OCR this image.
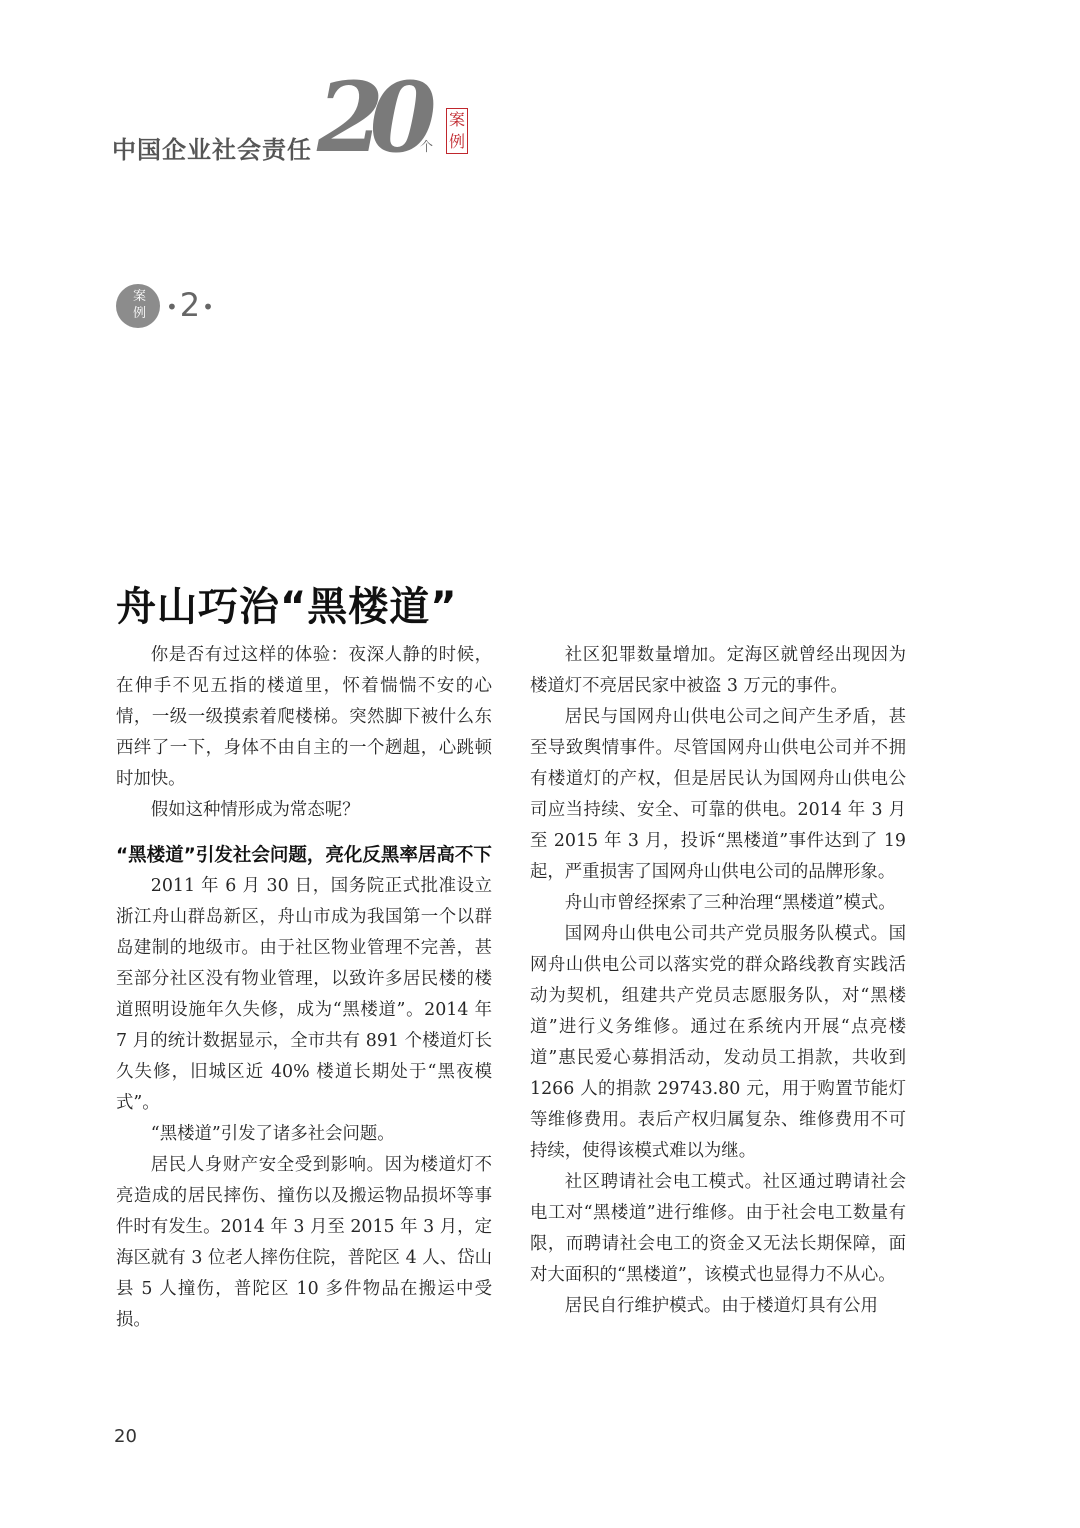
中国企业社会责任 20
个
案
例
案
例 •2•
舟山巧治“黑楼道”

你是否有过这样的体验：夜深人静的时候，在伸手不见五指的楼道里，怀着惴惴不安的心情，一级一级摸索着爬楼梯。突然脚下被什么东西绊了一下，身体不由自主的一个趔趄，心跳顿时加快。

假如这种情形成为常态呢？

“黑楼道”引发社会问题，亮化反黑率居高不下

2011 年 6 月 30 日，国务院正式批准设立浙江舟山群岛新区，舟山市成为我国第一个以群岛建制的地级市。由于社区物业管理不完善，甚至部分社区没有物业管理，以致许多居民楼的楼道照明设施年久失修，成为“黑楼道”。2014 年 7 月的统计数据显示，全市共有 891 个楼道灯长久失修，旧城区近 40% 楼道长期处于“黑夜模式”。

“黑楼道”引发了诸多社会问题。

居民人身财产安全受到影响。因为楼道灯不亮造成的居民摔伤、撞伤以及搬运物品损坏等事件时有发生。2014 年 3 月至 2015 年 3 月，定海区就有 3 位老人摔伤住院，普陀区 4 人、岱山县 5 人撞伤，普陀区 10 多件物品在搬运中受损。

社区犯罪数量增加。定海区就曾经出现因为楼道灯不亮居民家中被盗 3 万元的事件。

居民与国网舟山供电公司之间产生矛盾，甚至导致舆情事件。尽管国网舟山供电公司并不拥有楼道灯的产权，但是居民认为国网舟山供电公司应当持续、安全、可靠的供电。2014 年 3 月至 2015 年 3 月，投诉“黑楼道”事件达到了 19 起，严重损害了国网舟山供电公司的品牌形象。

舟山市曾经探索了三种治理“黑楼道”模式。

国网舟山供电公司共产党员服务队模式。国网舟山供电公司以落实党的群众路线教育实践活动为契机，组建共产党员志愿服务队，对“黑楼道”进行义务维修。通过在系统内开展“点亮楼道”惠民爱心募捐活动，发动员工捐款，共收到 1266 人的捐款 29743.80 元，用于购置节能灯等维修费用。表后产权归属复杂、维修费用不可持续，使得该模式难以为继。

社区聘请社会电工模式。社区通过聘请社会电工对“黑楼道”进行维修。由于社会电工数量有限，而聘请社会电工的资金又无法长期保障，面对大面积的“黑楼道”，该模式也显得力不从心。

居民自行维护模式。由于楼道灯具有公用

20
